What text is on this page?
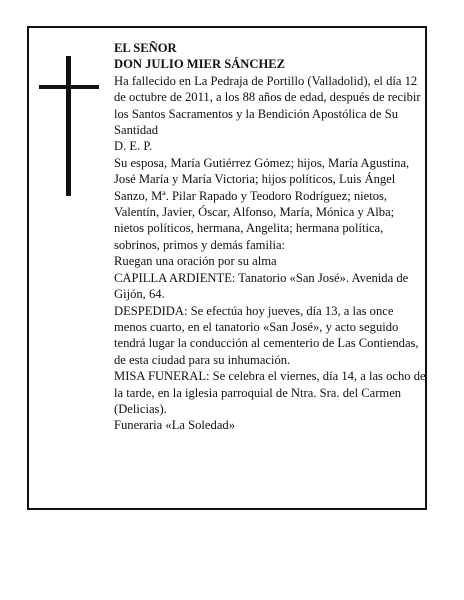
EL SEÑOR

DON JULIO MIER SÁNCHEZ

Ha fallecido en La Pedraja de Portillo (Valladolid), el día 12 de octubre de 2011, a los 88 años de edad, después de recibir los Santos Sacramentos y la Bendición Apostólica de Su Santidad

D. E. P.

Su esposa, María Gutiérrez Gómez; hijos, María Agustina, José María y María Victoria; hijos políticos, Luis Ángel Sanzo, Mª. Pilar Rapado y Teodoro Rodríguez; nietos, Valentín, Javier, Óscar, Alfonso, María, Mónica y Alba; nietos políticos, hermana, Angelita; hermana política, sobrinos, primos y demás familia:

Ruegan una oración por su alma

CAPILLA ARDIENTE: Tanatorio «San José». Avenida de Gijón, 64.

DESPEDIDA: Se efectúa hoy jueves, día 13, a las once menos cuarto, en el tanatorio «San José», y acto seguido tendrá lugar la conducción al cementerio de Las Contiendas, de esta ciudad para su inhumación.

MISA FUNERAL: Se celebra el viernes, día 14, a las ocho de la tarde, en la iglesia parroquial de Ntra. Sra. del Carmen (Delicias).

Funeraria «La Soledad»
